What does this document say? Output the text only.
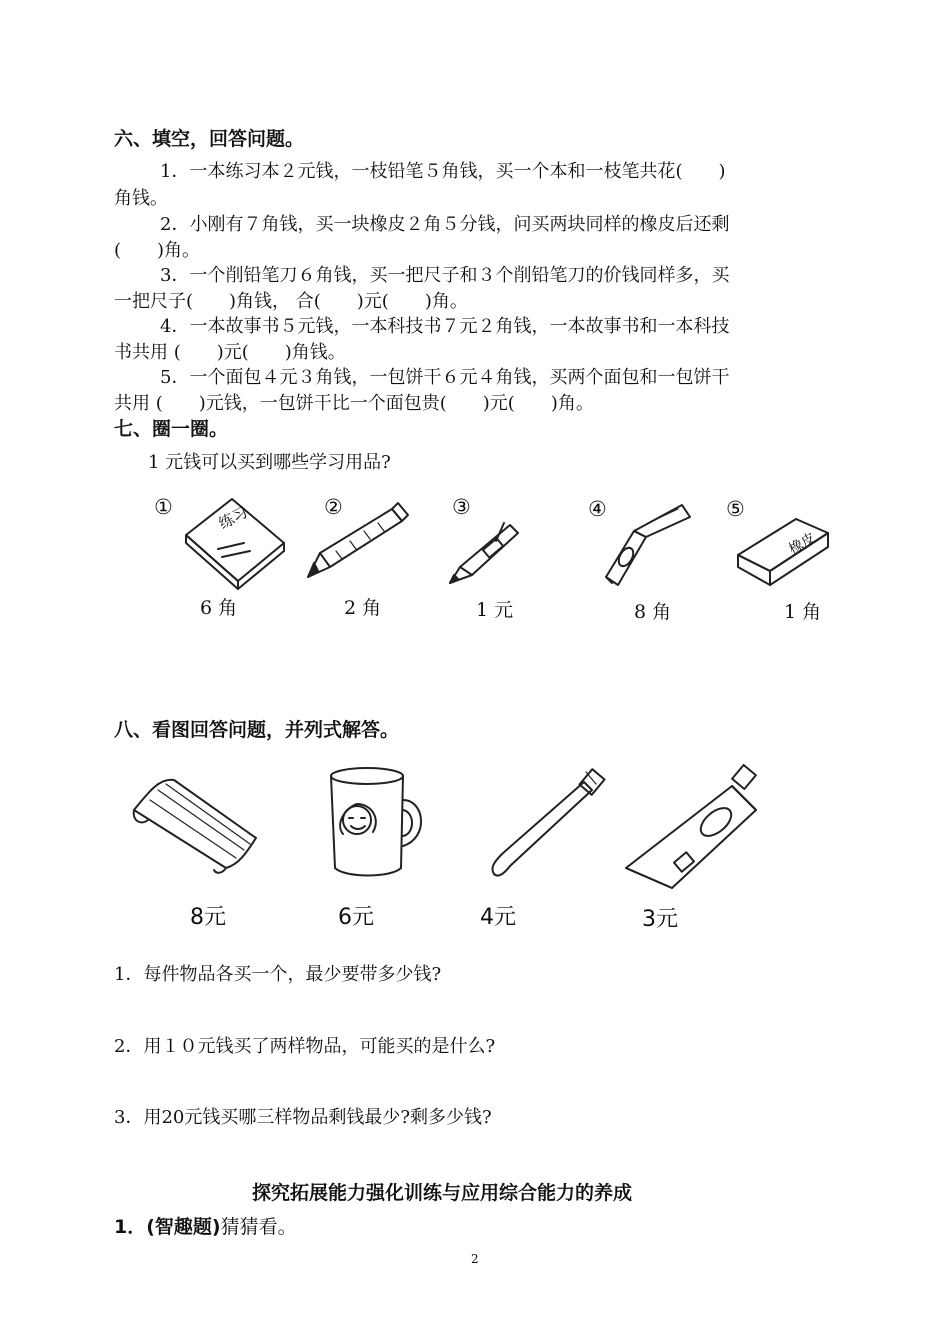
六、填空，回答问题。
1．一本练习本２元钱，一枝铅笔５角钱，买一个本和一枝笔共花(　　)
角钱。
2．小刚有７角钱，买一块橡皮２角５分钱，问买两块同样的橡皮后还剩
(　　)角。
3．一个削铅笔刀６角钱，买一把尺子和３个削铅笔刀的价钱同样多，买
一把尺子(　　)角钱， 合(　　)元(　　)角。
4．一本故事书５元钱，一本科技书７元２角钱，一本故事书和一本科技
书共用 (　　)元(　　)角钱。
5．一个面包４元３角钱，一包饼干６元４角钱，买两个面包和一包饼干
共用 (　　)元钱，一包饼干比一个面包贵(　　)元(　　)角。
七、圈一圈。
1 元钱可以买到哪些学习用品?
①	②	③	④	⑤
练习
橡皮
6 角	2 角	1 元	8 角	1 角
八、看图回答问题，并列式解答。
8元	6元	4元	3元
1．每件物品各买一个，最少要带多少钱?
2．用１０元钱买了两样物品，可能买的是什么?
3．用20元钱买哪三样物品剩钱最少?剩多少钱?
探究拓展能力强化训练与应用综合能力的养成
1．(智趣题)猜猜看。
2
